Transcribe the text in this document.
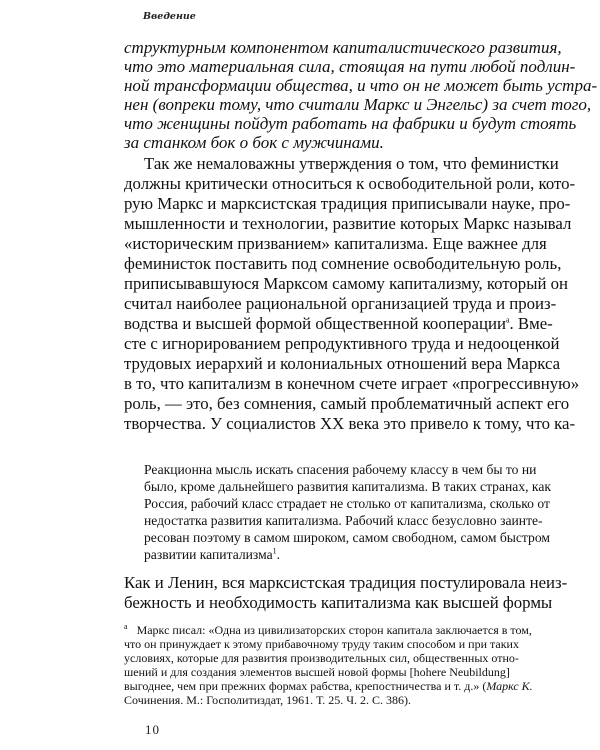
Введение
структурным компонентом капиталистического развития,
что это материальная сила, стоящая на пути любой подлин-
ной трансформации общества, и что он не может быть устра-
нен (вопреки тому, что считали Маркс и Энгельс) за счет того,
что женщины пойдут работать на фабрики и будут стоять
за станком бок о бок с мужчинами.
Так же немаловажны утверждения о том, что феминистки
должны критически относиться к освободительной роли, кото-
рую Маркс и марксистская традиция приписывали науке, про-
мышленности и технологии, развитие которых Маркс называл
«историческим призванием» капитализма. Еще важнее для
феминисток поставить под сомнение освободительную роль,
приписывавшуюся Марксом самому капитализму, который он
считал наиболее рациональной организацией труда и произ-
водства и высшей формой общественной кооперации$^a$. Вме-
сте с игнорированием репродуктивного труда и недооценкой
трудовых иерархий и колониальных отношений вера Маркса
в то, что капитализм в конечном счете играет «прогрессивную»
роль, — это, без сомнения, самый проблематичный аспект его
творчества. У социалистов XX века это привело к тому, что ка-
Реакционна мысль искать спасения рабочему классу в чем бы то ни
было, кроме дальнейшего развития капитализма. В таких странах, как
Россия, рабочий класс страдает не столько от капитализма, сколько от
недостатка развития капитализма. Рабочий класс безусловно заинте-
ресован поэтому в самом широком, самом свободном, самом быстром
развитии капитализма$^1$.
Как и Ленин, вся марксистская традиция постулировала неиз-
бежность и необходимость капитализма как высшей формы
$^a$ Маркс писал: «Одна из цивилизаторских сторон капитала заключается в том,
что он принуждает к этому прибавочному труду таким способом и при таких
условиях, которые для развития производительных сил, общественных отно-
шений и для создания элементов высшей новой формы [hohere Neubildung]
выгоднее, чем при прежних формах рабства, крепостничества и т. д.» (Маркс К.
Сочинения. М.: Госполитиздат, 1961. Т. 25. Ч. 2. С. 386).
10
